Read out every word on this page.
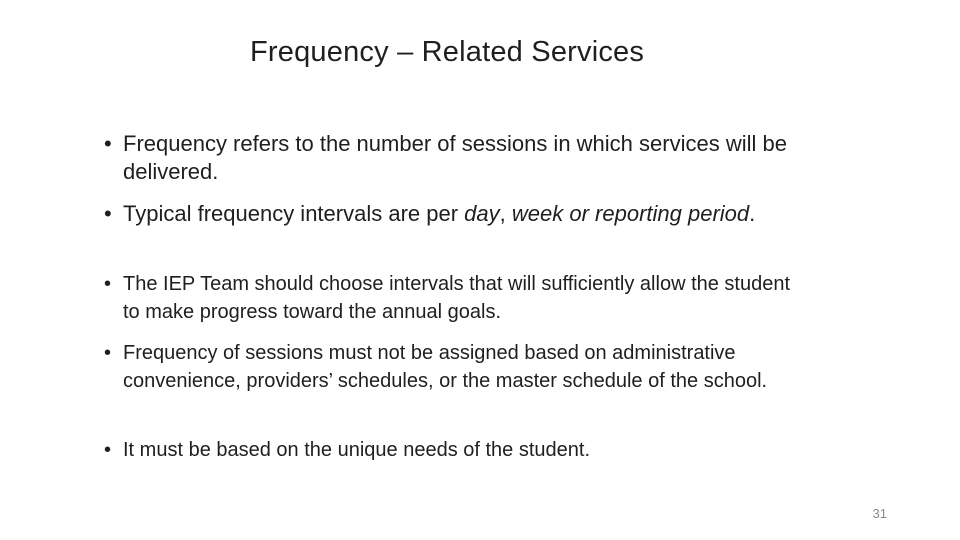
Frequency – Related Services
• Frequency refers to the number of sessions in which services will be delivered.
• Typical frequency intervals are per day, week or reporting period.
• The IEP Team should choose intervals that will sufficiently allow the student to make progress toward the annual goals.
• Frequency of sessions must not be assigned based on administrative convenience, providers’ schedules, or the master schedule of the school.
• It must be based on the unique needs of the student.
31
